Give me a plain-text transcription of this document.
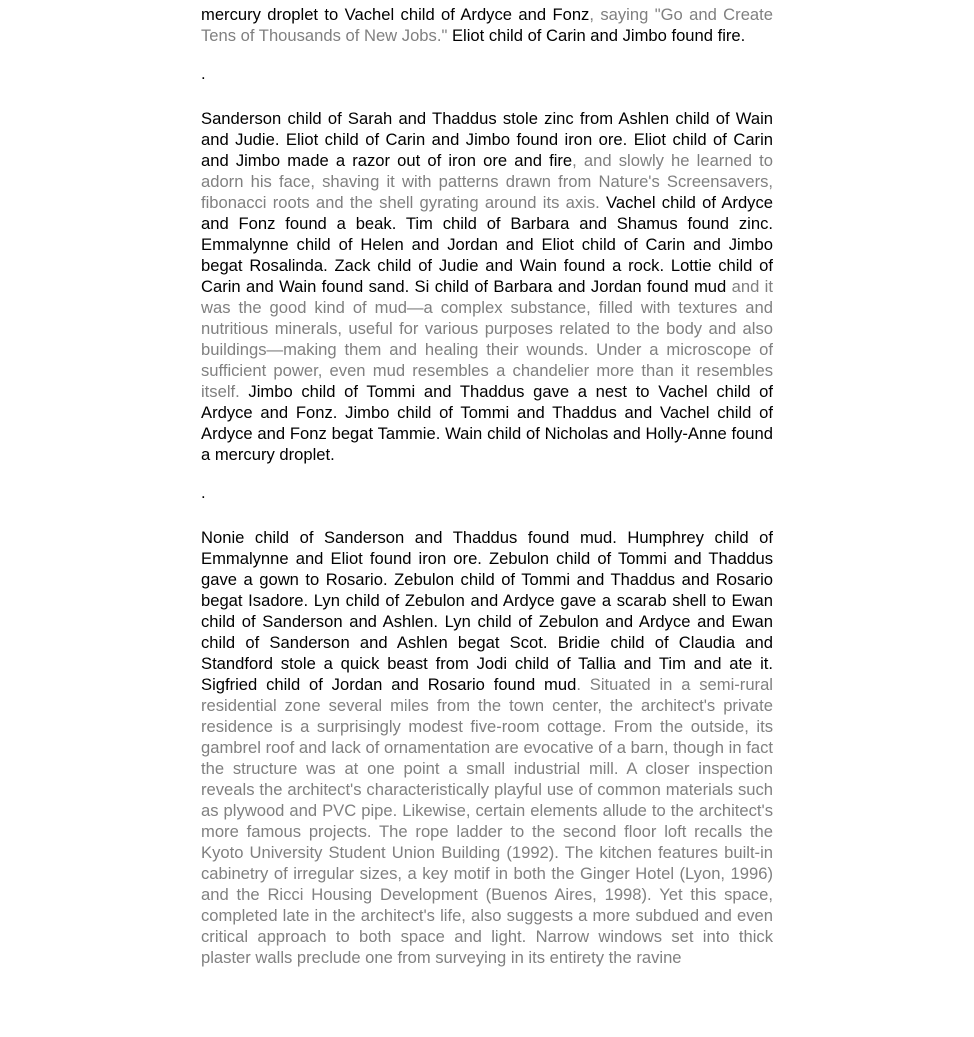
mercury droplet to Vachel child of Ardyce and Fonz, saying "Go and Create Tens of Thousands of New Jobs." Eliot child of Carin and Jimbo found fire.

.

Sanderson child of Sarah and Thaddus stole zinc from Ashlen child of Wain and Judie. Eliot child of Carin and Jimbo found iron ore. Eliot child of Carin and Jimbo made a razor out of iron ore and fire, and slowly he learned to adorn his face, shaving it with patterns drawn from Nature's Screensavers, fibonacci roots and the shell gyrating around its axis. Vachel child of Ardyce and Fonz found a beak. Tim child of Barbara and Shamus found zinc. Emmalynne child of Helen and Jordan and Eliot child of Carin and Jimbo begat Rosalinda. Zack child of Judie and Wain found a rock. Lottie child of Carin and Wain found sand. Si child of Barbara and Jordan found mud and it was the good kind of mud—a complex substance, filled with textures and nutritious minerals, useful for various purposes related to the body and also buildings—making them and healing their wounds. Under a microscope of sufficient power, even mud resembles a chandelier more than it resembles itself. Jimbo child of Tommi and Thaddus gave a nest to Vachel child of Ardyce and Fonz. Jimbo child of Tommi and Thaddus and Vachel child of Ardyce and Fonz begat Tammie. Wain child of Nicholas and Holly-Anne found a mercury droplet.

.

Nonie child of Sanderson and Thaddus found mud. Humphrey child of Emmalynne and Eliot found iron ore. Zebulon child of Tommi and Thaddus gave a gown to Rosario. Zebulon child of Tommi and Thaddus and Rosario begat Isadore. Lyn child of Zebulon and Ardyce gave a scarab shell to Ewan child of Sanderson and Ashlen. Lyn child of Zebulon and Ardyce and Ewan child of Sanderson and Ashlen begat Scot. Bridie child of Claudia and Standford stole a quick beast from Jodi child of Tallia and Tim and ate it. Sigfried child of Jordan and Rosario found mud. Situated in a semi-rural residential zone several miles from the town center, the architect's private residence is a surprisingly modest five-room cottage. From the outside, its gambrel roof and lack of ornamentation are evocative of a barn, though in fact the structure was at one point a small industrial mill. A closer inspection reveals the architect's characteristically playful use of common materials such as plywood and PVC pipe. Likewise, certain elements allude to the architect's more famous projects. The rope ladder to the second floor loft recalls the Kyoto University Student Union Building (1992). The kitchen features built-in cabinetry of irregular sizes, a key motif in both the Ginger Hotel (Lyon, 1996) and the Ricci Housing Development (Buenos Aires, 1998). Yet this space, completed late in the architect's life, also suggests a more subdued and even critical approach to both space and light. Narrow windows set into thick plaster walls preclude one from surveying in its entirety the ravine
